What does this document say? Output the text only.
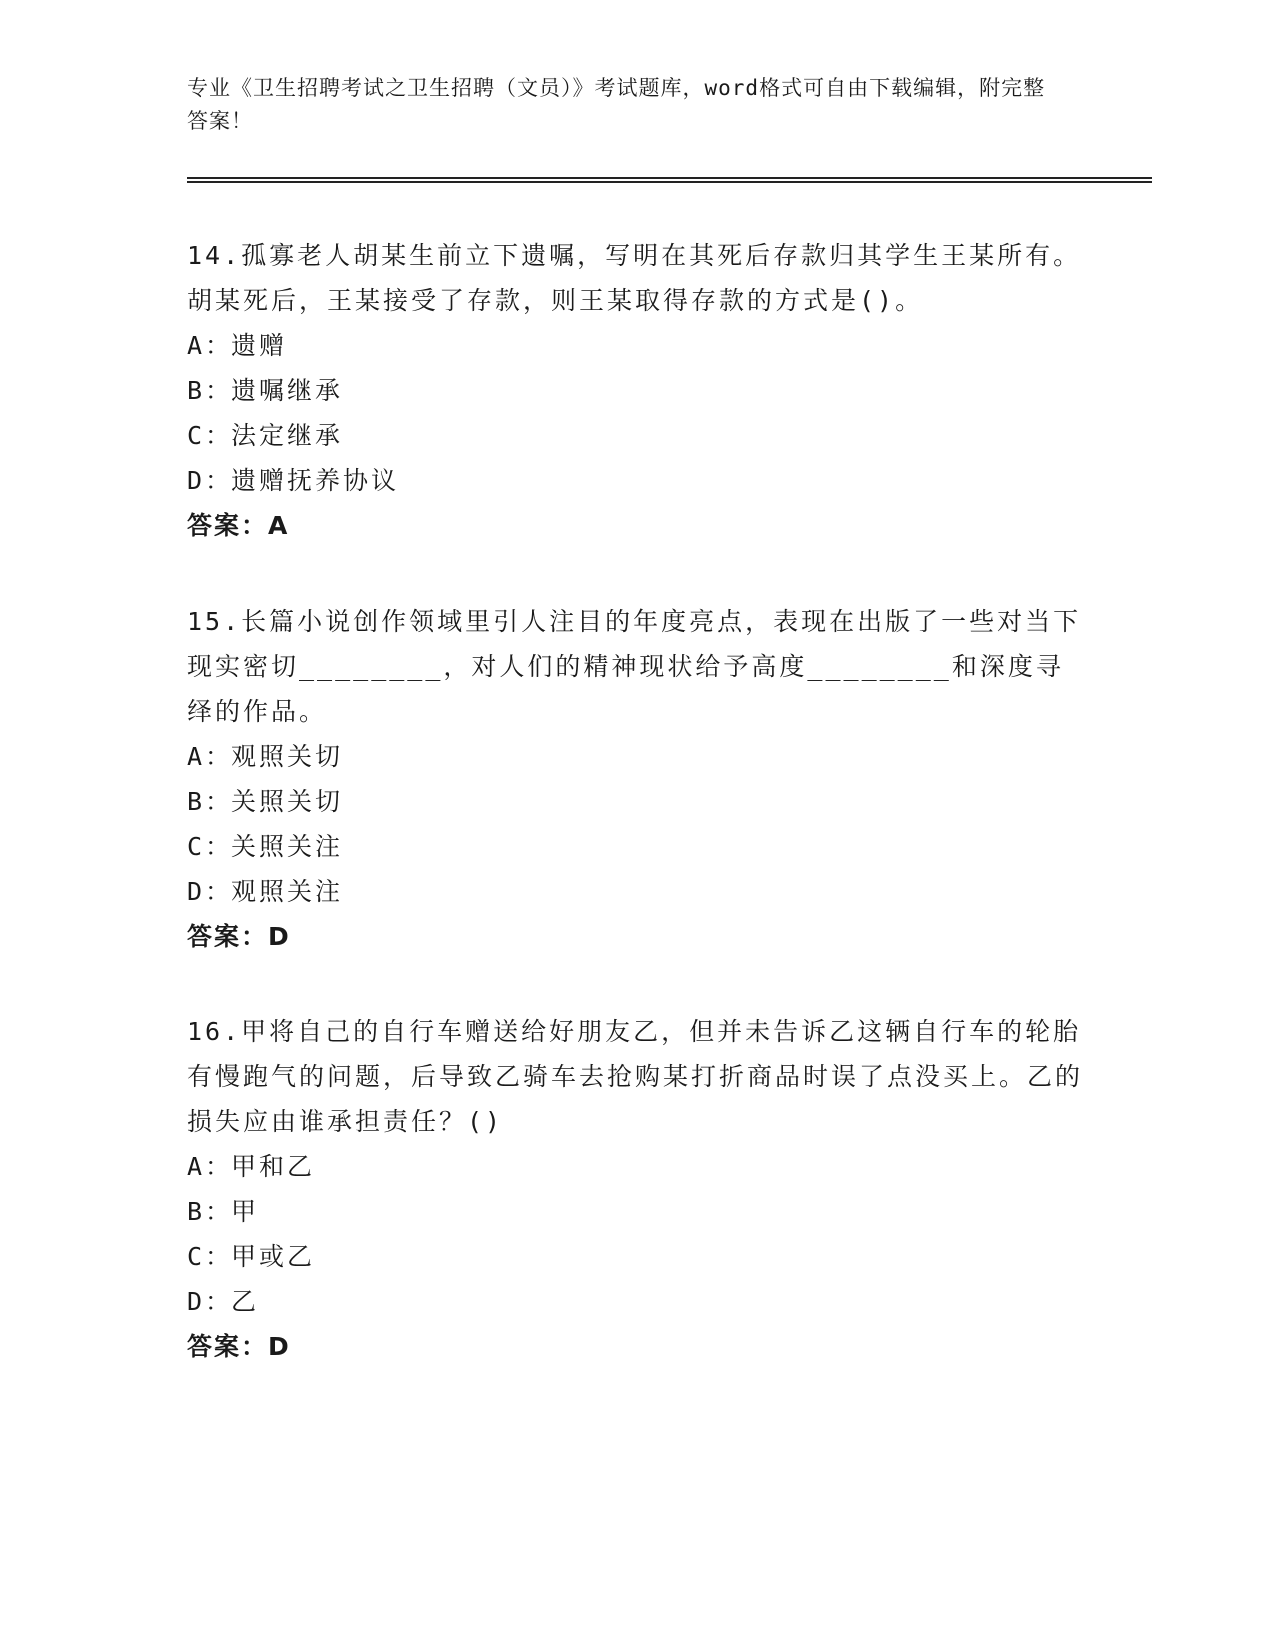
专业《卫生招聘考试之卫生招聘（文员）》考试题库，word格式可自由下载编辑，附完整答案！

14.孤寡老人胡某生前立下遗嘱，写明在其死后存款归其学生王某所有。胡某死后，王某接受了存款，则王某取得存款的方式是()。

A：
遗赠

B：
遗嘱继承

C：
法定继承

D：
遗赠抚养协议

答案：A

15.长篇小说创作领域里引人注目的年度亮点，表现在出版了一些对当下现实密切________，对人们的精神现状给予高度________和深度寻绎的作品。

A：
观照关切

B：
关照关切

C：
关照关注

D：
观照关注

答案：D

16.甲将自己的自行车赠送给好朋友乙，但并未告诉乙这辆自行车的轮胎有慢跑气的问题，后导致乙骑车去抢购某打折商品时误了点没买上。乙的损失应由谁承担责任？()

A：
甲和乙

B：
甲

C：
甲或乙

D：
乙

答案：D
